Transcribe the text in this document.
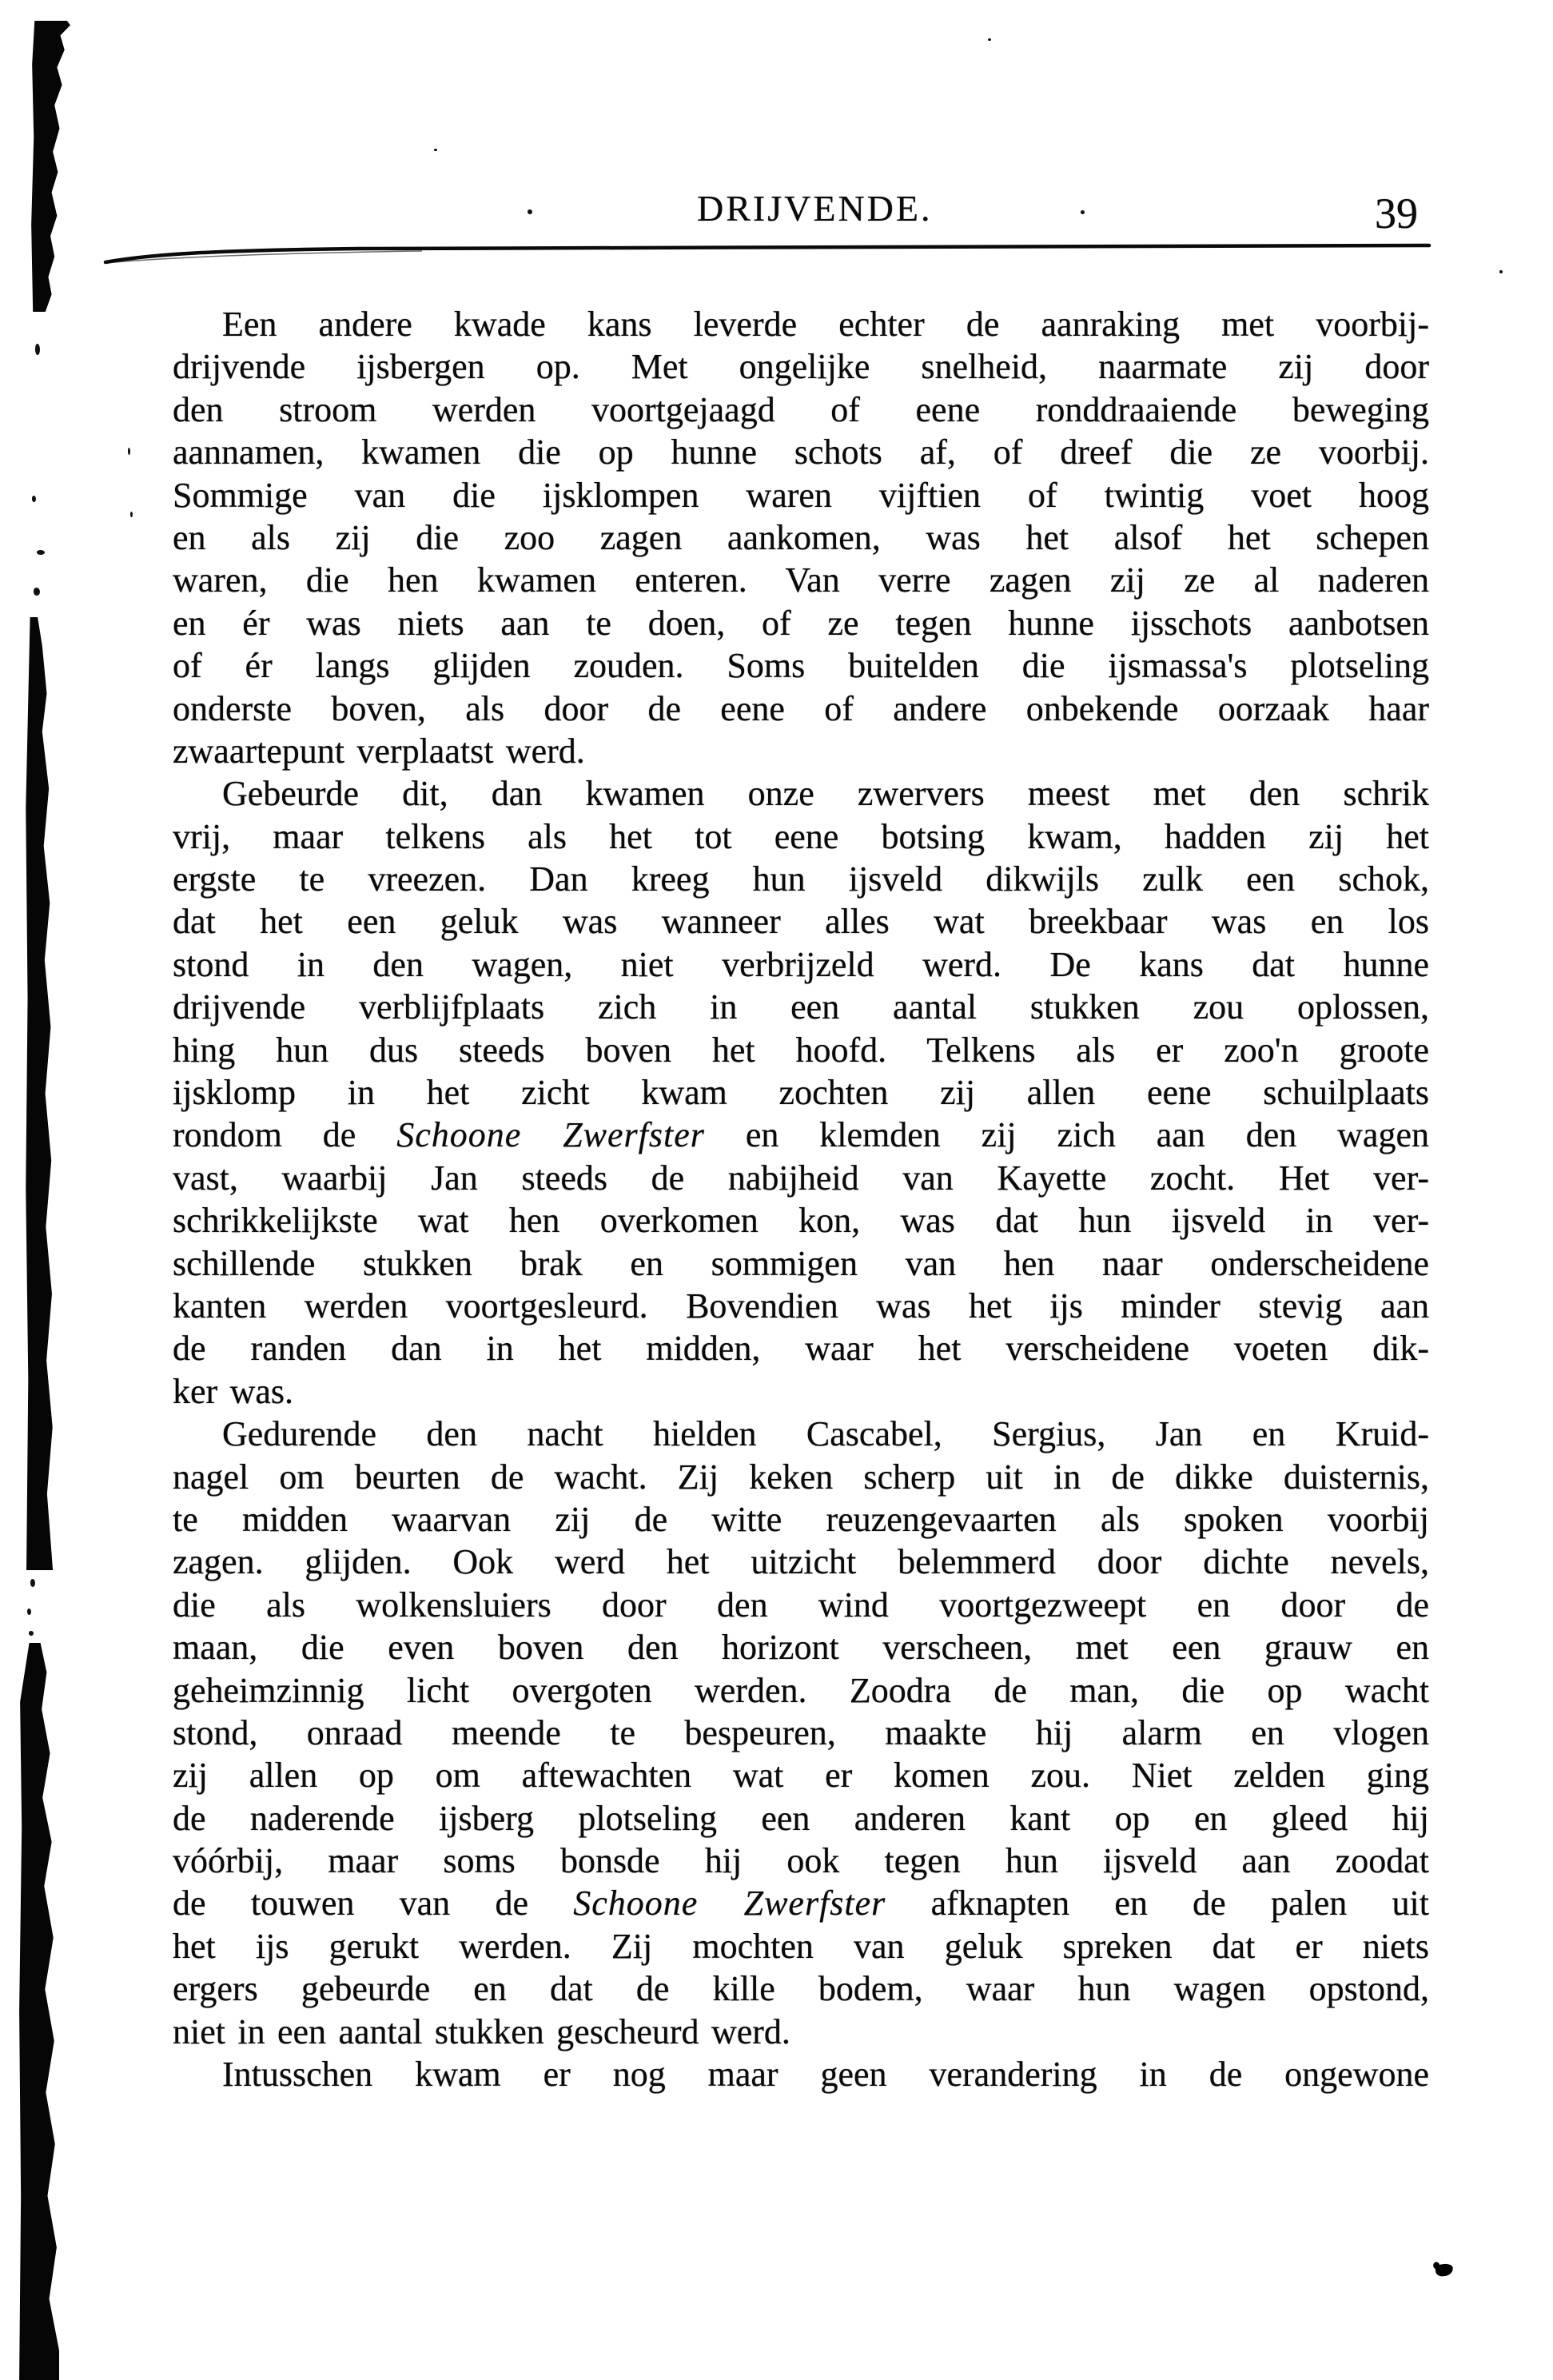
DRIJVENDE.	39
Een andere kwade kans leverde echter de aanraking met voorbij-
drijvende ijsbergen op. Met ongelijke snelheid, naarmate zij door
den stroom werden voortgejaagd of eene ronddraaiende beweging
aannamen, kwamen die op hunne schots af, of dreef die ze voorbij.
Sommige van die ijsklompen waren vijftien of twintig voet hoog
en als zij die zoo zagen aankomen, was het alsof het schepen
waren, die hen kwamen enteren. Van verre zagen zij ze al naderen
en ér was niets aan te doen, of ze tegen hunne ijsschots aanbotsen
of ér langs glijden zouden. Soms buitelden die ijsmassa's plotseling
onderste boven, als door de eene of andere onbekende oorzaak haar
zwaartepunt verplaatst werd.
Gebeurde dit, dan kwamen onze zwervers meest met den schrik
vrij, maar telkens als het tot eene botsing kwam, hadden zij het
ergste te vreezen. Dan kreeg hun ijsveld dikwijls zulk een schok,
dat het een geluk was wanneer alles wat breekbaar was en los
stond in den wagen, niet verbrijzeld werd. De kans dat hunne
drijvende verblijfplaats zich in een aantal stukken zou oplossen,
hing hun dus steeds boven het hoofd. Telkens als er zoo'n groote
ijsklomp in het zicht kwam zochten zij allen eene schuilplaats
rondom de Schoone Zwerfster en klemden zij zich aan den wagen
vast, waarbij Jan steeds de nabijheid van Kayette zocht. Het ver-
schrikkelijkste wat hen overkomen kon, was dat hun ijsveld in ver-
schillende stukken brak en sommigen van hen naar onderscheidene
kanten werden voortgesleurd. Bovendien was het ijs minder stevig aan
de randen dan in het midden, waar het verscheidene voeten dik-
ker was.
Gedurende den nacht hielden Cascabel, Sergius, Jan en Kruid-
nagel om beurten de wacht. Zij keken scherp uit in de dikke duisternis,
te midden waarvan zij de witte reuzengevaarten als spoken voorbij
zagen. glijden. Ook werd het uitzicht belemmerd door dichte nevels,
die als wolkensluiers door den wind voortgezweept en door de
maan, die even boven den horizont verscheen, met een grauw en
geheimzinnig licht overgoten werden. Zoodra de man, die op wacht
stond, onraad meende te bespeuren, maakte hij alarm en vlogen
zij allen op om aftewachten wat er komen zou. Niet zelden ging
de naderende ijsberg plotseling een anderen kant op en gleed hij
vóórbij, maar soms bonsde hij ook tegen hun ijsveld aan zoodat
de touwen van de Schoone Zwerfster afknapten en de palen uit
het ijs gerukt werden. Zij mochten van geluk spreken dat er niets
ergers gebeurde en dat de kille bodem, waar hun wagen opstond,
niet in een aantal stukken gescheurd werd.
Intusschen kwam er nog maar geen verandering in de ongewone
